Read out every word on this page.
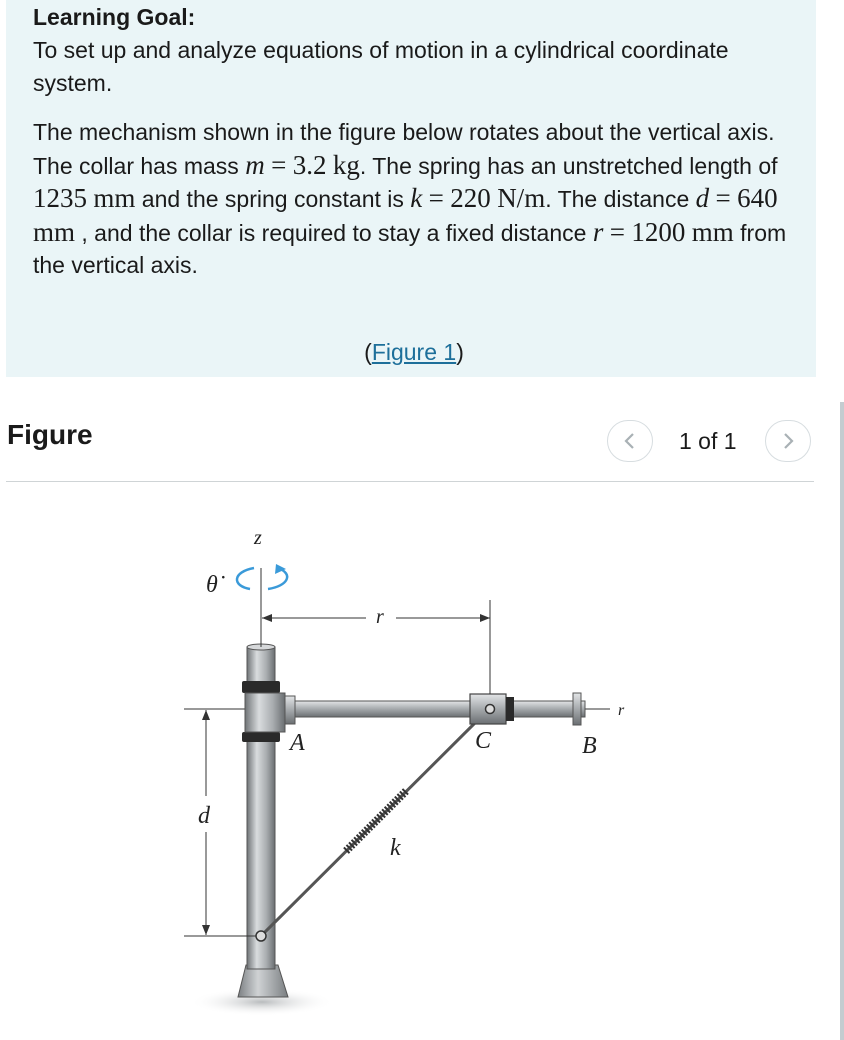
Learning Goal:

To set up and analyze equations of motion in a cylindrical coordinate system.

The mechanism shown in the figure below rotates about the vertical axis. The collar has mass m = 3.2 kg. The spring has an unstretched length of 1235 mm and the spring constant is k = 220 N/m. The distance d = 640 mm , and the collar is required to stay a fixed distance r = 1200 mm from the vertical axis.

(Figure 1)
Figure	1 of 1
d
k
B
r
C
A
z
r
θ̇
